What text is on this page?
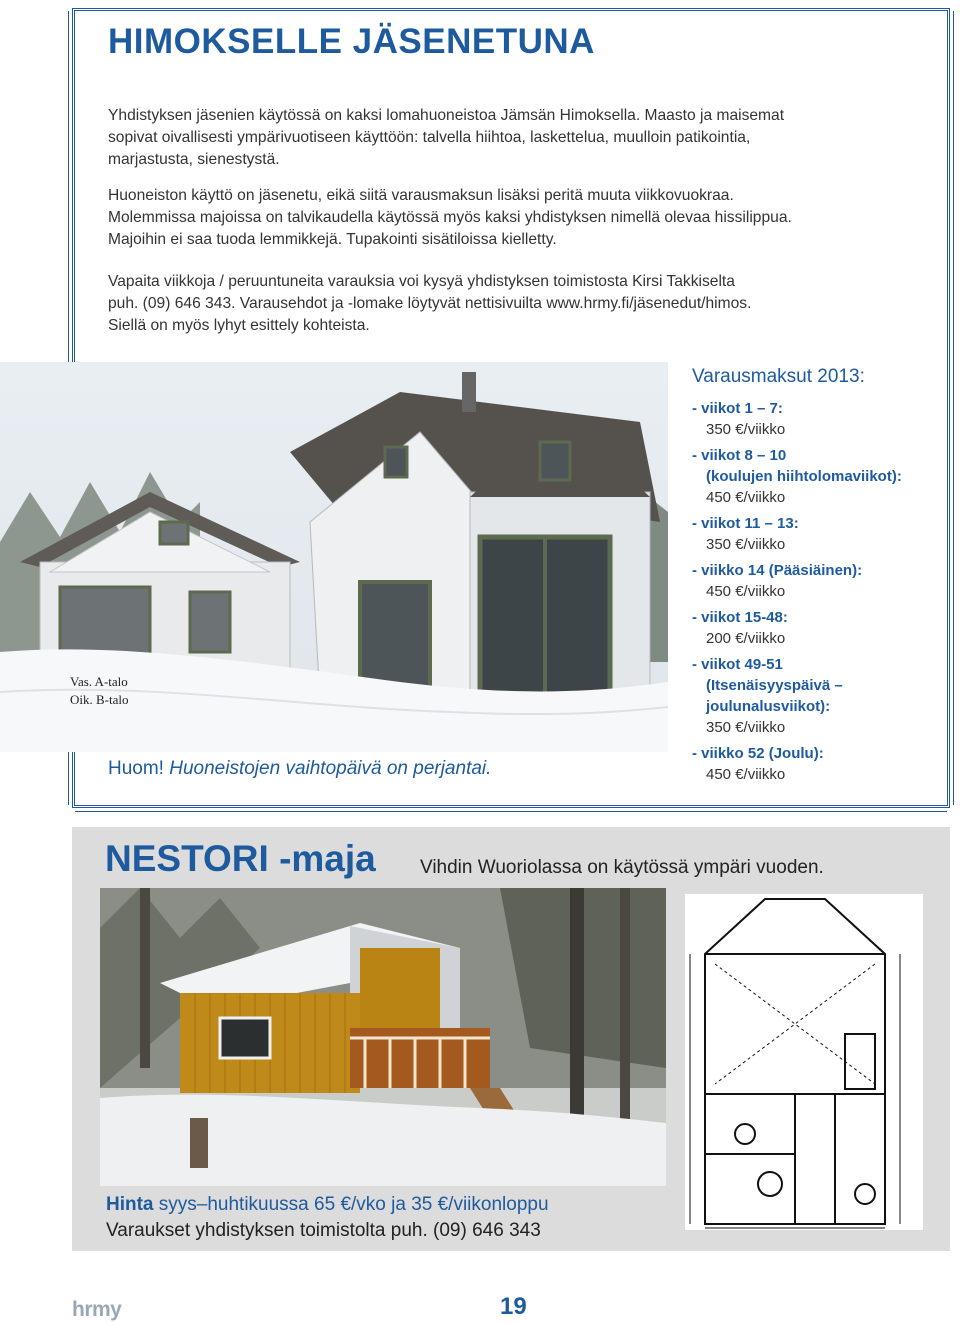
HIMOKSELLE JÄSENETUNA
Yhdistyksen jäsenien käytössä on kaksi lomahuoneistoa Jämsän Himoksella. Maasto ja maisemat
sopivat oivallisesti ympärivuotiseen käyttöön: talvella hiihtoa, laskettelua, muulloin patikointia,
marjastusta, sienestystä.
Huoneiston käyttö on jäsenetu, eikä siitä varausmaksun lisäksi peritä muuta viikkovuokraa.
Molemmissa majoissa on talvikaudella käytössä myös kaksi yhdistyksen nimellä olevaa hissilippua.
Majoihin ei saa tuoda lemmikkejä. Tupakointi sisätiloissa kielletty.
Vapaita viikkoja / peruuntuneita varauksia voi kysyä yhdistyksen toimistosta Kirsi Takkiselta
puh. (09) 646 343. Varausehdot ja -lomake löytyvät nettisivuilta www.hrmy.fi/jäsenedut/himos.
Siellä on myös lyhyt esittely kohteista.
Vas. A-talo
Oik. B-talo
Huom! Huoneistojen vaihtopäivä on perjantai.
Varausmaksut 2013:
- viikot 1 – 7:
350 €/viikko
- viikot 8 – 10
(koulujen hiihtolomaviikot):
450 €/viikko
- viikot 11 – 13:
350 €/viikko
- viikko 14 (Pääsiäinen):
450 €/viikko
- viikot 15-48:
200 €/viikko
- viikot 49-51
(Itsenäisyyspäivä –
joulunalusviikot):
350 €/viikko
- viikko 52 (Joulu):
450 €/viikko
NESTORI -maja Vihdin Wuoriolassa on käytössä ympäri vuoden.
Hinta syys–huhtikuussa 65 €/vko ja 35 €/viikonloppu
Varaukset yhdistyksen toimistolta puh. (09) 646 343
hrmy	19
